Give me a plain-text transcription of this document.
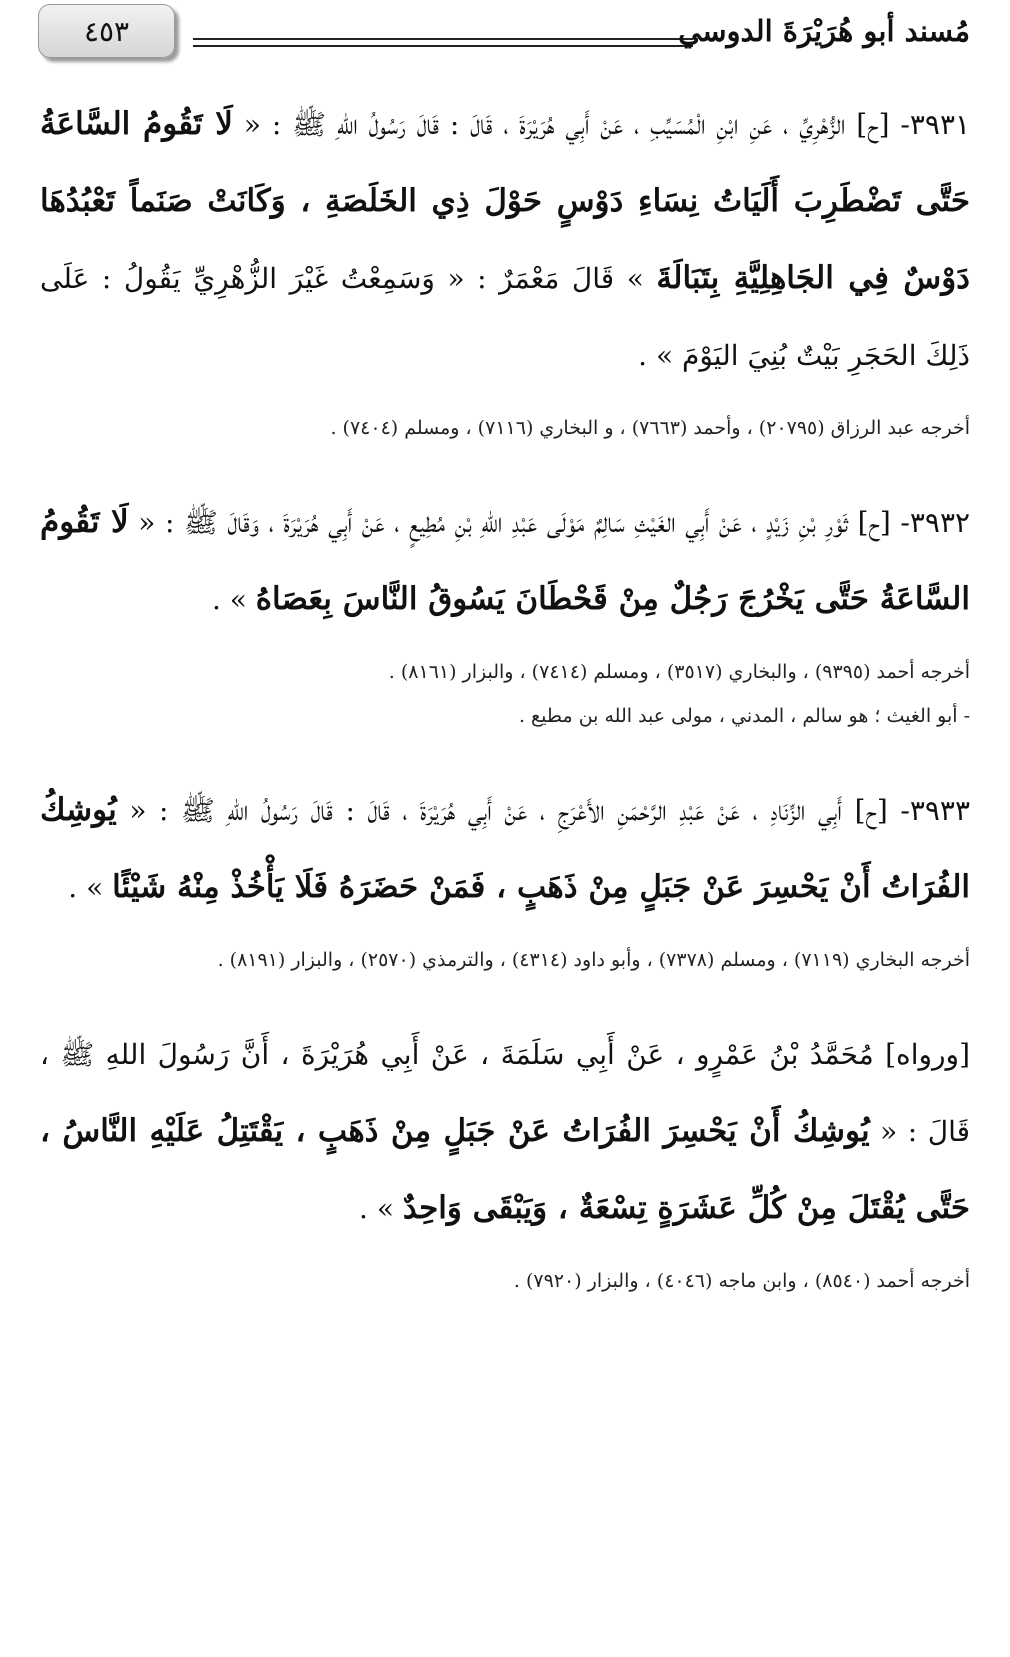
٤٥٣	مُسند أبو هُرَيْرَةَ الدوسي

٣٩٣١- [ح] الزُّهْرِيِّ ، عَنِ ابْنِ الْمُسَيِّبِ ، عَنْ أَبِي هُرَيْرَةَ ، قَالَ : قَالَ رَسُولُ اللهِ ﷺ : « لَا تَقُومُ السَّاعَةُ حَتَّى تَضْطَرِبَ أَلَيَاتُ نِسَاءِ دَوْسٍ حَوْلَ ذِي الخَلَصَةِ ، وَكَانَتْ صَنَماً تَعْبُدُهَا دَوْسٌ فِي الجَاهِلِيَّةِ بِتَبَالَةَ » قَالَ مَعْمَرٌ : « وَسَمِعْتُ غَيْرَ الزُّهْرِيِّ يَقُولُ : عَلَى ذَلِكَ الحَجَرِ بَيْتٌ بُنِيَ اليَوْمَ » .

أخرجه عبد الرزاق (٢٠٧٩٥) ، وأحمد (٧٦٦٣) ، و البخاري (٧١١٦) ، ومسلم (٧٤٠٤) .

٣٩٣٢- [ح] ثَوْرِ بْنِ زَيْدٍ ، عَنْ أَبِي الغَيْثِ سَالِمٌ مَوْلَى عَبْدِ اللهِ بْنِ مُطِيعٍ ، عَنْ أَبِي هُرَيْرَةَ ، وَقَالَ ﷺ : « لَا تَقُومُ السَّاعَةُ حَتَّى يَخْرُجَ رَجُلٌ مِنْ قَحْطَانَ يَسُوقُ النَّاسَ بِعَصَاهُ » .

أخرجه أحمد (٩٣٩٥) ، والبخاري (٣٥١٧) ، ومسلم (٧٤١٤) ، والبزار (٨١٦١) .

- أبو الغيث ؛ هو سالم ، المدني ، مولى عبد الله بن مطيع .

٣٩٣٣- [ح] أَبِي الزِّنَادِ ، عَنْ عَبْدِ الرَّحْمَنِ الأَعْرَجِ ، عَنْ أَبِي هُرَيْرَةَ ، قَالَ : قَالَ رَسُولُ اللهِ ﷺ : « يُوشِكُ الفُرَاتُ أَنْ يَحْسِرَ عَنْ جَبَلٍ مِنْ ذَهَبٍ ، فَمَنْ حَضَرَهُ فَلَا يَأْخُذْ مِنْهُ شَيْئًا » .

أخرجه البخاري (٧١١٩) ، ومسلم (٧٣٧٨) ، وأبو داود (٤٣١٤) ، والترمذي (٢٥٧٠) ، والبزار (٨١٩١) .

[ورواه] مُحَمَّدُ بْنُ عَمْرٍو ، عَنْ أَبِي سَلَمَةَ ، عَنْ أَبِي هُرَيْرَةَ ، أَنَّ رَسُولَ اللهِ ﷺ ، قَالَ : « يُوشِكُ أَنْ يَحْسِرَ الفُرَاتُ عَنْ جَبَلٍ مِنْ ذَهَبٍ ، يَقْتَتِلُ عَلَيْهِ النَّاسُ ، حَتَّى يُقْتَلَ مِنْ كُلِّ عَشَرَةٍ تِسْعَةٌ ، وَيَبْقَى وَاحِدٌ » .

أخرجه أحمد (٨٥٤٠) ، وابن ماجه (٤٠٤٦) ، والبزار (٧٩٢٠) .
